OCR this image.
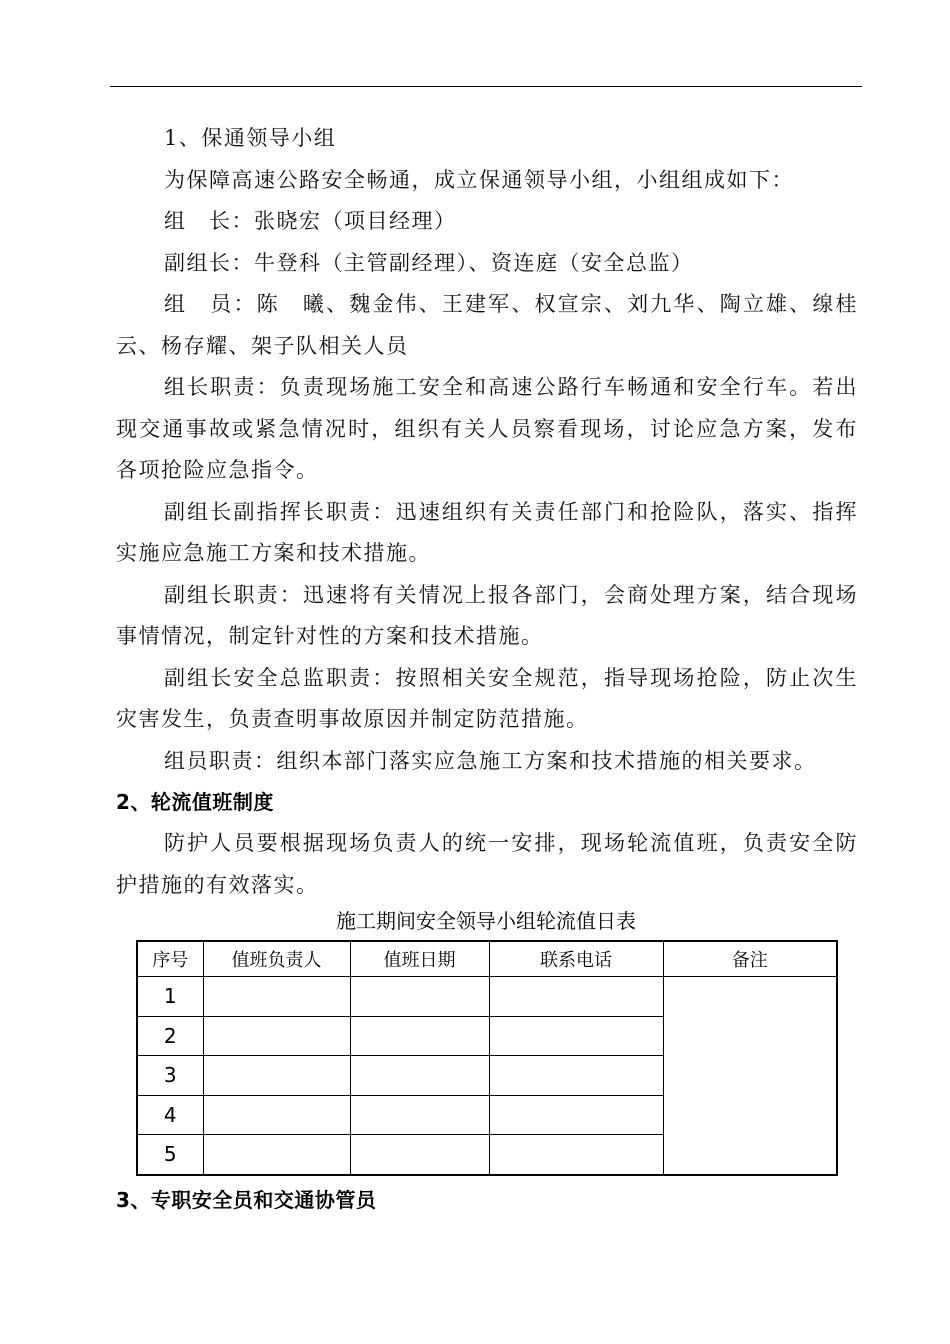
1、保通领导小组

为保障高速公路安全畅通，成立保通领导小组，小组组成如下：

组　长：张晓宏（项目经理）

副组长：牛登科（主管副经理）、资连庭（安全总监）

组　员：陈　曦、魏金伟、王建军、权宣宗、刘九华、陶立雄、缐桂云、杨存耀、架子队相关人员

组长职责：负责现场施工安全和高速公路行车畅通和安全行车。若出现交通事故或紧急情况时，组织有关人员察看现场，讨论应急方案，发布各项抢险应急指令。

副组长副指挥长职责：迅速组织有关责任部门和抢险队，落实、指挥实施应急施工方案和技术措施。

副组长职责：迅速将有关情况上报各部门，会商处理方案，结合现场事情情况，制定针对性的方案和技术措施。

副组长安全总监职责：按照相关安全规范，指导现场抢险，防止次生灾害发生，负责查明事故原因并制定防范措施。

组员职责：组织本部门落实应急施工方案和技术措施的相关要求。

2、轮流值班制度

防护人员要根据现场负责人的统一安排，现场轮流值班，负责安全防护措施的有效落实。

施工期间安全领导小组轮流值日表
序号	值班负责人	值班日期	联系电话	备注
1				
2				
3				
4				
5				
3、专职安全员和交通协管员
